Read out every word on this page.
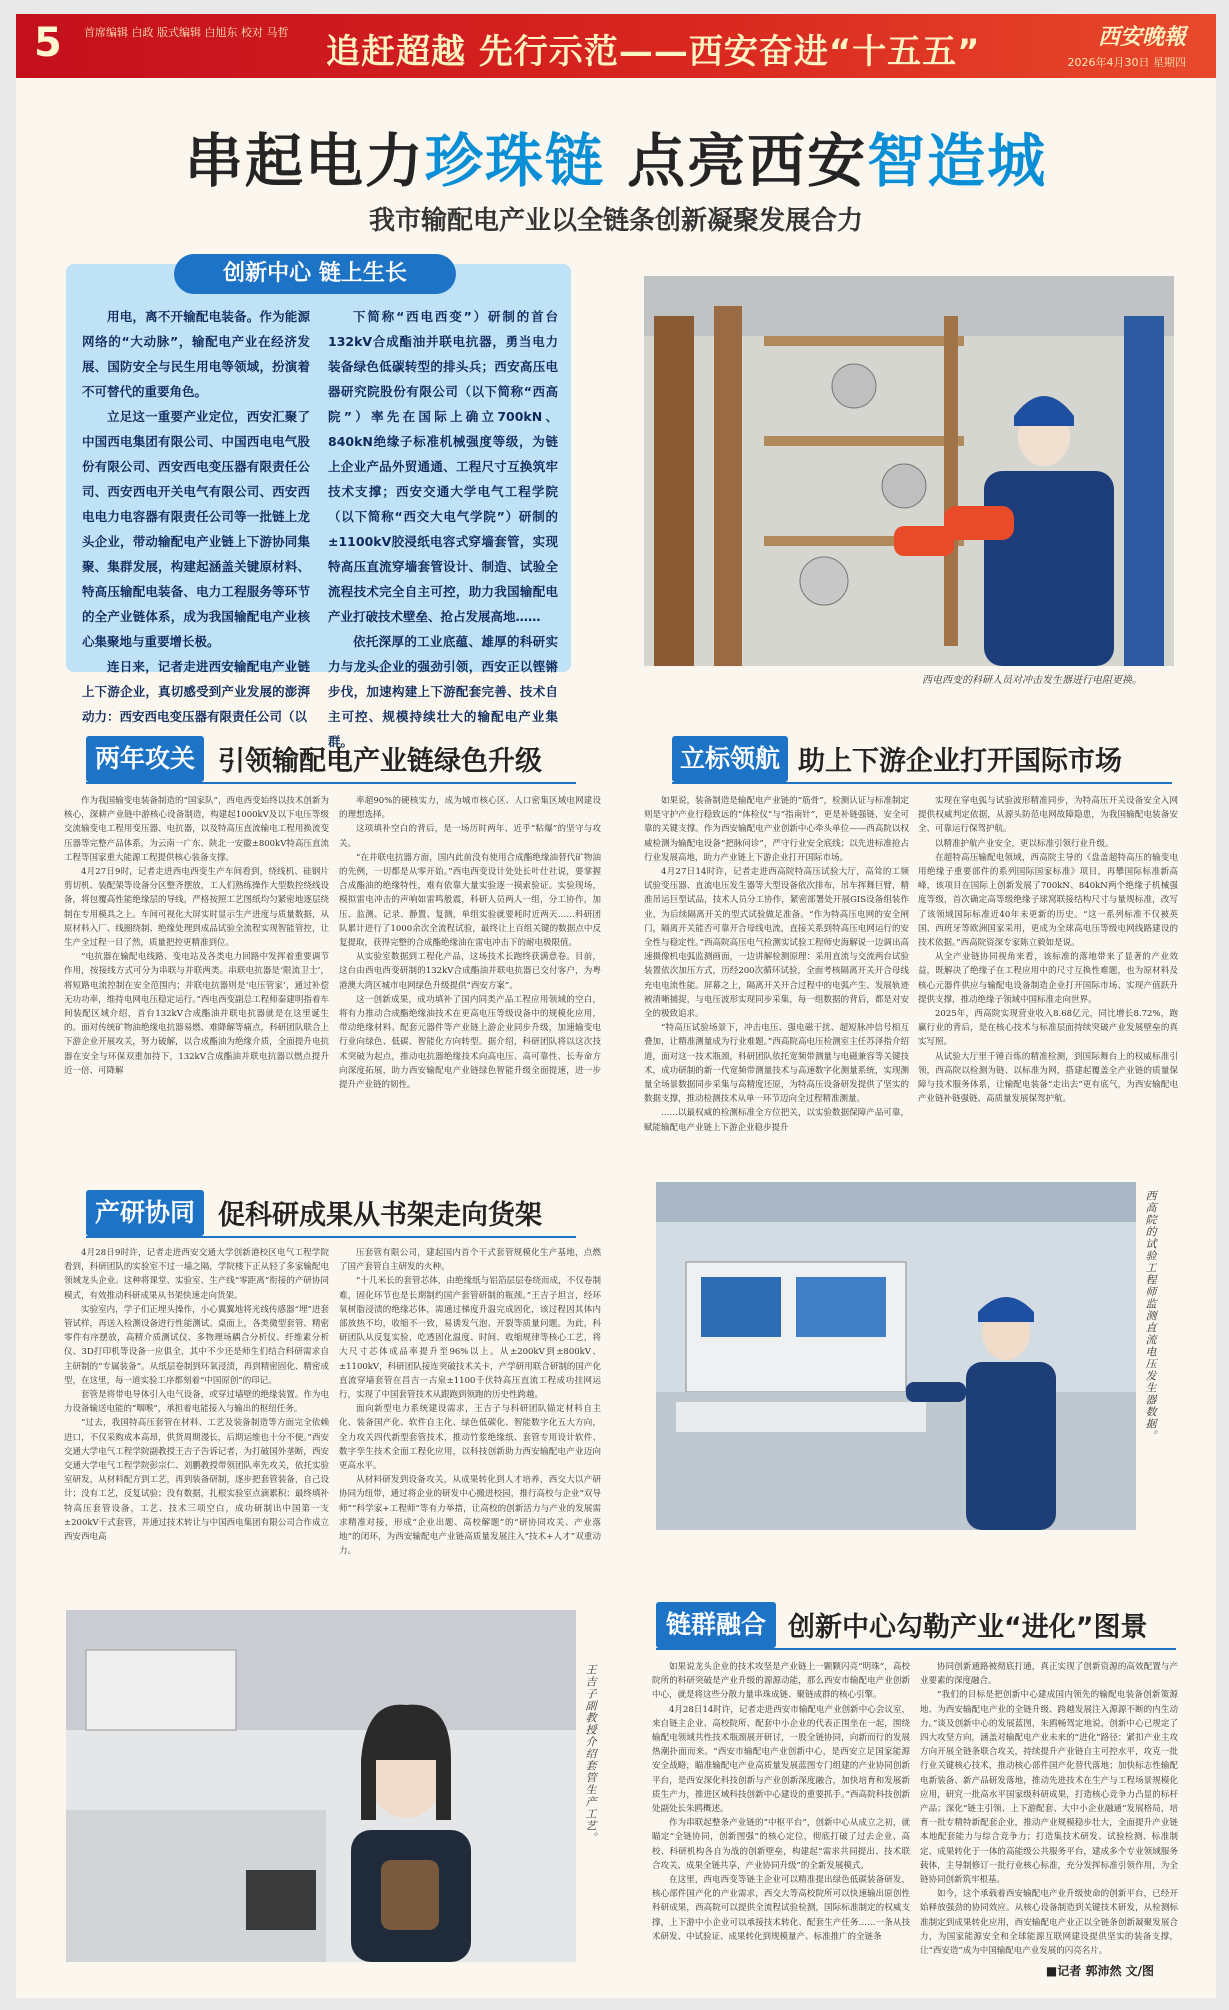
5 首席编辑 白政 版式编辑 白旭东 校对 马哲 追赶超越 先行示范——西安奋进“十五五”	西安晚報
2026年4月30日 星期四
串起电力珍珠链 点亮西安智造城
我市输配电产业以全链条创新凝聚发展合力
创新中心 链上生长
用电，离不开输配电装备。作为能源网络的“大动脉”，输配电产业在经济发展、国防安全与民生用电等领域，扮演着不可替代的重要角色。
立足这一重要产业定位，西安汇聚了中国西电集团有限公司、中国西电电气股份有限公司、西安西电变压器有限责任公司、西安西电开关电气有限公司、西安西电电力电容器有限责任公司等一批链上龙头企业，带动输配电产业链上下游协同集聚、集群发展，构建起涵盖关键原材料、特高压输配电装备、电力工程服务等环节的全产业链体系，成为我国输配电产业核心集聚地与重要增长极。
连日来，记者走进西安输配电产业链上下游企业，真切感受到产业发展的澎湃动力：西安西电变压器有限责任公司（以
下简称“西电西变”）研制的首台132kV合成酯油并联电抗器，勇当电力装备绿色低碳转型的排头兵；西安高压电器研究院股份有限公司（以下简称“西高院”）率先在国际上确立700kN、840kN绝缘子标准机械强度等级，为链上企业产品外贸通通、工程尺寸互换筑牢技术支撑；西安交通大学电气工程学院（以下简称“西交大电气学院”）研制的±1100kV胶浸纸电容式穿墙套管，实现特高压直流穿墙套管设计、制造、试验全流程技术完全自主可控，助力我国输配电产业打破技术壁垒、抢占发展高地……
依托深厚的工业底蕴、雄厚的科研实力与龙头企业的强劲引领，西安正以铿锵步伐，加速构建上下游配套完善、技术自主可控、规模持续壮大的输配电产业集群。
西电西变的科研人员对冲击发生器进行电阻更换。
两年攻关 引领输配电产业链绿色升级
作为我国输变电装备制造的“国家队”，西电西变始终以技术创新为核心，深耕产业链中游核心设备制造，构建起1000kV及以下电压等级交流输变电工程用变压器、电抗器，以及特高压直流输电工程用换流变压器等完整产品体系，为云南一广东、陕北一安徽±800kV特高压直流工程等国家重大能源工程提供核心装备支撑。
4月27日9时，记者走进西电西变生产车间看到，绕线机、硅钢片剪切机、装配架等设备分区整齐摆放，工人们熟练操作大型数控绕线设备，将包覆高性能绝缘层的导线，严格按照工艺图纸均匀紧密地逐层绕制在专用模具之上。车间可视化大屏实时显示生产进度与质量数据，从原材料入厂、线圈绕制、绝缘处理到成品试验全流程实现智能管控，让生产全过程一目了然，质量把控更精准到位。
“电抗器在输配电线路、变电站及各类电力回路中发挥着重要调节作用，按接线方式可分为串联与并联两类。串联电抗器是‘限流卫士’，将短路电流控制在安全范围内；并联电抗器则是‘电压管家’，通过补偿无功功率，维持电网电压稳定运行。”西电西变副总工程师秦建明指着车间装配区域介绍，首台132kV合成酯油并联电抗器就是在这里诞生的。面对传统矿物油绝缘电抗器易燃、难降解等痛点，科研团队联合上下游企业开展攻关，努力破解，以合成酯油为绝缘介质，全面提升电抗器在安全与环保双重加持下，132kV合成酯油并联电抗器以燃点提升近一倍、可降解
率超90%的硬核实力，成为城市核心区、人口密集区域电网建设的理想选择。
这项填补空白的背后，是一场历时两年、近乎“粘爆”的坚守与攻关。
“在并联电抗器方面，国内此前没有使用合成酯绝缘油替代矿物油的先例，一切都是从零开始。”西电西变设计处处长叶仕社说，要掌握合成酯油的绝缘特性，难有依靠大量实验逐一摸索验证。实验现场，模拟雷电冲击的声响如雷鸣般震，科研人员两人一组，分工协作，加压、监测、记录、静置、复测，单组实验就要耗时近两天……科研团队累计进行了1000余次全流程试验，最终让上百组关键的数据点中反复提取，获得完整的合成酯绝缘油在雷电冲击下的耐电极限值。
从实验室数据到工程化产品，这场技术长跑终获满意卷。目前，这台由西电西变研制的132kV合成酯油并联电抗器已交付客户，为粤港澳大湾区城市电网绿色升级提供“西安方案”。
这一创新成果，成功填补了国内同类产品工程应用领域的空白，将有力推动合成酯绝缘油技术在更高电压等级设备中的规模化应用，带动绝缘材料、配套元器件等产业链上游企业同步升级，加速输变电行业向绿色、低碳、智能化方向转型。据介绍，科研团队将以这次技术突破为起点，推动电抗器绝缘技术向高电压、高可靠性、长寿命方向深度拓展，助力西安输配电产业链绿色智能升级全面提速，进一步提升产业链的韧性。
立标领航 助上下游企业打开国际市场
如果说，装备制造是输配电产业链的“筋骨”，检测认证与标准制定则是守护产业行稳致远的“体检仪”与“指南针”，更是补链强链、安全可靠的关键支撑。作为西安输配电产业创新中心牵头单位——西高院以权威检测为输配电设备“把脉问诊”，严守行业安全底线；以先进标准抢占行业发展高地，助力产业链上下游企业打开国际市场。
4月27日14时许，记者走进西高院特高压试验大厅，高耸的工频试验变压器、直流电压发生器等大型设备依次排布，吊车挥舞巨臂，精准吊运巨型试品，技术人员分工协作，紧密部署处开展GIS设备组装作业，为后续隔离开关的型式试验做足准备。“作为特高压电网的安全闸门，隔离开关能否可靠开合母线电流，直接关系到特高压电网运行的安全性与稳定性。”西高院高压电气检测实试验工程师史海解说一边调出高速摄像机电弧监测画面，一边讲解检测原理：采用直流与交流两台试验装置依次加压方式，历经200次循环试验，全面考核隔离开关开合母线充电电流性能。屏幕之上，隔离开关开合过程中的电弧产生、发展轨迹被清晰捕捉，与电压波形实现同步采集，每一组数据的背后，都是对安全的极致追求。
“特高压试验场景下，冲击电压、强电磁干扰、超短脉冲信号相互叠加，让精准测量成为行业难题。”西高院高电压检测室主任苏泽指介绍道，面对这一技术瓶颈，科研团队依托宽频带测量与电磁兼容等关键技术，成功研制的新一代宽频带测量技术与高速数字化测量系统，实现测量全场景数据同步采集与高精度还原，为特高压设备研发提供了坚实的数据支撑，推动检测技术从单一环节迈向全过程精准测量。
……以最权威的检测标准全方位把关，以实验数据保障产品可靠，赋能输配电产业链上下游企业稳步提升
实现在穿电弧与试验波形精准同步，为特高压开关设备安全入网提供权威判定依据，从源头防范电网故障隐患，为我国输配电装备安全、可靠运行保驾护航。
以精准护航产业安全，更以标准引领行业升级。
在超特高压输配电领域，西高院主导的《盘盖超特高压的输变电用绝缘子重要部件的系列国际国家标准》项目，再攀国际标准新高峰，该项目在国际上创新发展了700kN、840kN两个绝缘子机械强度等级，首次确定高等级绝缘子球窝联接结构尺寸与量规标准，改写了该领域国际标准近40年未更新的历史。“这一系列标准不仅被英国、西班牙等欧洲国家采用，更成为全球高电压等级电网线路建设的技术依据。”西高院资深专家陈立毅如是说。
从全产业链协同视角来看，该标准的落地带来了显著的产业效益，既解决了绝缘子在工程应用中的尺寸互换性难题，也为原材料及核心元器件供应与输配电设备制造企业打开国际市场、实现产值跃升提供支撑，推动绝缘子领域中国标准走向世界。
2025年，西高院实现营业收入8.68亿元，同比增长8.72%，跑赢行业的背后，是在核心技术与标准层面持续突破产业发展壁垒的真实写照。
从试验大厅里千锤百炼的精准检测，到国际舞台上的权威标准引领，西高院以检测为链、以标准为网，搭建起覆盖全产业链的质量保障与技术服务体系，让输配电装备“走出去”更有底气，为西安输配电产业链补链强链、高质量发展保驾护航。
产研协同 促科研成果从书架走向货架
4月28日9时许，记者走进西安交通大学创新港校区电气工程学院看到，科研团队的实验室不过一墙之隔，学院楼下正从轻了多家输配电领域龙头企业。这种将课堂、实验室、生产线“零距离”衔接的产研协同模式，有效推动科研成果从书架快速走向货架。
实验室内，学子们正埋头操作，小心翼翼地将光线传感器“埋”进套管试样，再送入检测设备进行性能测试。桌面上，各类微型套管、精密零件有序摆放，高精介质测试仪、多物理场耦合分析仪、纤维素分析仪、3D打印机等设备一应俱全，其中不少还是师生们结合科研需求自主研制的“专属装备”。从纸层卷制到环氧浸渍，再到精密固化、精密成型，在这里，每一道实验工序都刻着“中国原创”的印记。
套管是将带电导体引入电气设备，或穿过墙壁的绝缘装置。作为电力设备输送电能的“咽喉”，承担着电能接入与输出的枢纽任务。
“过去，我国特高压套管在材料、工艺及装备制造等方面完全依赖进口，不仅采购成本高昂，供货周期漫长，后期运维也十分不便。”西安交通大学电气工程学院副教授王吉子告诉记者，为打破国外垄断，西安交通大学电气工程学院彭宗仁、刘鹏教授带领团队率先攻关，依托实验室研发，从材料配方到工艺，再到装备研制，逐步把套管装备，自己设计；没有工艺，反复试验；没有数据，扎根实验室点滴累积；最终填补特高压套管设备，工艺、技术三项空白，成功研制出中国第一支±200kV干式套管，并通过技术转让与中国西电集团有限公司合作成立西安西电高
压套管有限公司，建起国内首个干式套管规模化生产基地，点燃了国产套管自主研发的火种。
“十几米长的套管芯体，由绝缘纸与铝箔层层卷绕而成，不仅卷制难，固化环节也是长期制约国产套管研制的瓶颈。”王吉子坦言，经环氧树脂浸渍的绝缘芯体，需通过梯度升温完成固化，该过程因其体内部放热不均，收缩不一致，易诱发气泡、开裂等质量问题。为此，科研团队从反复实验，吃透固化温度、时间、收缩规律等核心工艺，将大尺寸芯体成品率提升至96%以上。从±200kV到±800kV、±1100kV，科研团队接连突破技术关卡，产学研用联合研制的国产化直流穿墙套管在昌吉一古泉±1100千伏特高压直流工程成功挂网运行，实现了中国套管技术从跟跑到领跑的历史性跨越。
面向新型电力系统建设需求，王吉子与科研团队锚定材料自主化、装备国产化、软件自主化、绿色低碳化、智能数字化五大方向，全力攻关四代新型套管技术，推动竹浆绝缘纸、套管专用设计软件、数字孪生技术全面工程化应用，以科技创新助力西安输配电产业迈向更高水平。
从材料研发到设备攻关，从成果转化到人才培养，西交大以产研协同为纽带，通过将企业的研发中心搬进校园，推行高校与企业“双导师”“科学家+工程师”等有力举措，让高校的创新活力与产业的发展需求精准对接，形成“企业出题、高校解题”的“研协同攻关、产业落地”的闭环，为西安输配电产业链高质量发展注入“技术+人才”双重动力。
西高院的试验工程师监测直流电压发生器数据。
链群融合 创新中心勾勒产业“进化”图景
如果说龙头企业的技术攻坚是产业链上一颗颗闪亮“明珠”，高校院所的科研突破是产业升级的源源动能，那么西安市输配电产业创新中心，就是将这些分散力量串珠成链、聚链成群的核心引擎。
4月28日14时许，记者走进西安市输配电产业创新中心会议室，来自链主企业、高校院所、配套中小企业的代表正围坐在一起，围绕输配电领域共性技术瓶颈展开研讨，一股全链协同，向新而行的发展热潮扑面而来。“西安市输配电产业创新中心，是西安立足国家能源安全战略，瞄准输配电产业高质量发展蓝图专门组建的产业协同创新平台，是西安深化科技创新与产业创新深度融合，加快培育和发展新质生产力，推进区域科技创新中心建设的重要抓手。”西高院科技创新处副处长朱鸥概述。
作为串联起整条产业链的“中枢平台”，创新中心从成立之初，就瞄定“全链协同，创新图强”的核心定位，彻底打破了过去企业、高校、科研机构各自为战的创新壁垒，构建起“需求共同提出、技术联合攻关、成果全链共享，产业协同升级”的全新发展模式。
在这里，西电西变等链主企业可以精准提出绿色低碳装备研发，核心部件国产化的产业需求，西交大等高校院所可以快速输出原创性科研成果，西高院可以提供全流程试验检测，国际标准制定的权威支撑，上下游中小企业可以承接技术转化、配套生产任务……一条从技术研发、中试验证、成果转化到规模量产、标准推广的全链条
协同创新通路被彻底打通，真正实现了创新资源的高效配置与产业要素的深度融合。
“我们的目标是把创新中心建成国内领先的输配电装备创新策源地、为西安输配电产业的全链升级、跨越发展注入源源不断的内生动力。”谈及创新中心的发展蓝图，朱鸥畅驾定地说，创新中心已规定了四大攻坚方向，涵盖对输配电产业未来的“进化”路径：紧扣产业主攻方向开展全链条联合攻关，持续提升产业链自主可控水平，攻克一批行业关键核心技术，推动核心部件国产化替代落地；加快标志性输配电新装备、新产品研发落地，推动先进技术在生产与工程场景规模化应用，研究一批高水平国家级科研成果，打造核心竞争力凸显的标杆产品；深化“链主引领、上下游配套、大中小企业融通”发展格局，培育一批专精特新配套企业，推动产业规模稳步壮大，全面提升产业链本地配套能力与综合竞争力；打造集技术研发、试验检测、标准制定、成果转化于一体的高能级公共服务平台，建成多个专业领域服务载体，主导制修订一批行业核心标准，充分发挥标准引领作用，为全链协同创新筑牢根基。
如今，这个承载着西安输配电产业升级使命的创新平台，已经开始释放强劲的协同效应。从核心设备制造到关键技术研发，从检测标准制定到成果转化应用，西安输配电产业正以全链条创新凝聚发展合力，为国家能源安全和全球能源互联网建设提供坚实的装备支撑，让“西安造”成为中国输配电产业发展的闪亮名片。
王吉子副教授介绍套管生产工艺。
■记者 郭沛然 文/图
